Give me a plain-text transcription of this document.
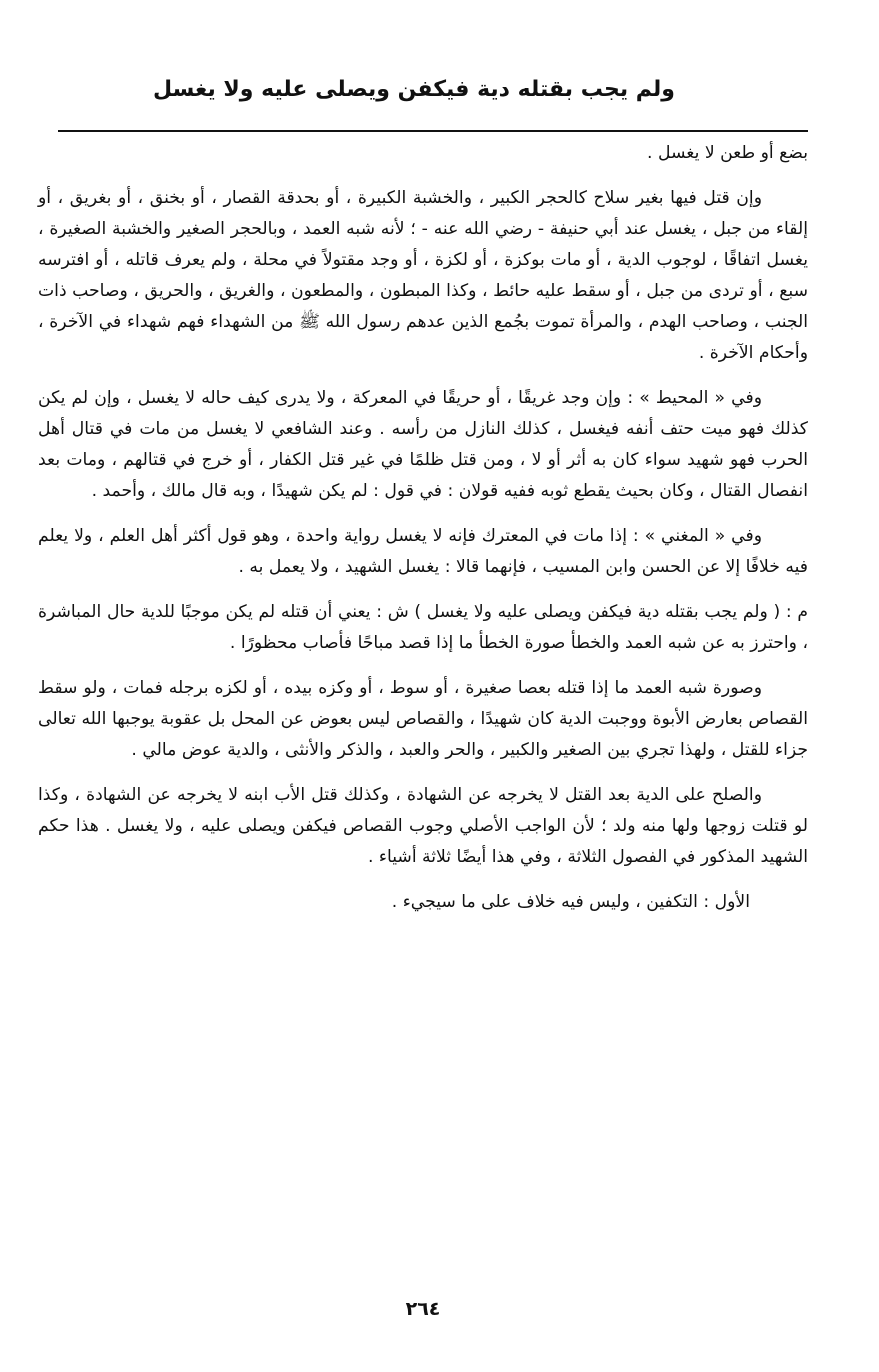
ولم يجب بقتله دية فيكفن ويصلى عليه ولا يغسل

بضع أو طعن لا يغسل .

وإن قتل فيها بغير سلاح كالحجر الكبير ، والخشبة الكبيرة ، أو بحدقة القصار ، أو بخنق ، أو بغريق ، أو إلقاء من جبل ، يغسل عند أبي حنيفة - رضي الله عنه - ؛ لأنه شبه العمد ، وبالحجر الصغير والخشبة الصغيرة ، يغسل اتفاقًا ، لوجوب الدية ، أو مات بوكزة ، أو لكزة ، أو وجد مقتولاً في محلة ، ولم يعرف قاتله ، أو افترسه سبع ، أو تردى من جبل ، أو سقط عليه حائط ، وكذا المبطون ، والمطعون ، والغريق ، والحريق ، وصاحب ذات الجنب ، وصاحب الهدم ، والمرأة تموت بجُمع الذين عدهم رسول الله ﷺ من الشهداء فهم شهداء في الآخرة ، وأحكام الآخرة .

وفي « المحيط » : وإن وجد غريقًا ، أو حريقًا في المعركة ، ولا يدرى كيف حاله لا يغسل ، وإن لم يكن كذلك فهو ميت حتف أنفه فيغسل ، كذلك النازل من رأسه . وعند الشافعي لا يغسل من مات في قتال أهل الحرب فهو شهيد سواء كان به أثر أو لا ، ومن قتل ظلمًا في غير قتل الكفار ، أو خرج في قتالهم ، ومات بعد انفصال القتال ، وكان بحيث يقطع ثوبه ففيه قولان : في قول : لم يكن شهيدًا ، وبه قال مالك ، وأحمد .

وفي « المغني » : إذا مات في المعترك فإنه لا يغسل رواية واحدة ، وهو قول أكثر أهل العلم ، ولا يعلم فيه خلافًا إلا عن الحسن وابن المسيب ، فإنهما قالا : يغسل الشهيد ، ولا يعمل به .

م : ( ولم يجب بقتله دية فيكفن ويصلى عليه ولا يغسل ) ش : يعني أن قتله لم يكن موجبًا للدية حال المباشرة ، واحترز به عن شبه العمد والخطأ صورة الخطأ ما إذا قصد مباحًا فأصاب محظورًا .

وصورة شبه العمد ما إذا قتله بعصا صغيرة ، أو سوط ، أو وكزه بيده ، أو لكزه برجله فمات ، ولو سقط القصاص بعارض الأبوة ووجبت الدية كان شهيدًا ، والقصاص ليس بعوض عن المحل بل عقوبة يوجبها الله تعالى جزاء للقتل ، ولهذا تجري بين الصغير والكبير ، والحر والعبد ، والذكر والأنثى ، والدية عوض مالي .

والصلح على الدية بعد القتل لا يخرجه عن الشهادة ، وكذلك قتل الأب ابنه لا يخرجه عن الشهادة ، وكذا لو قتلت زوجها ولها منه ولد ؛ لأن الواجب الأصلي وجوب القصاص فيكفن ويصلى عليه ، ولا يغسل . هذا حكم الشهيد المذكور في الفصول الثلاثة ، وفي هذا أيضًا ثلاثة أشياء .

الأول : التكفين ، وليس فيه خلاف على ما سيجيء .
٢٦٤
